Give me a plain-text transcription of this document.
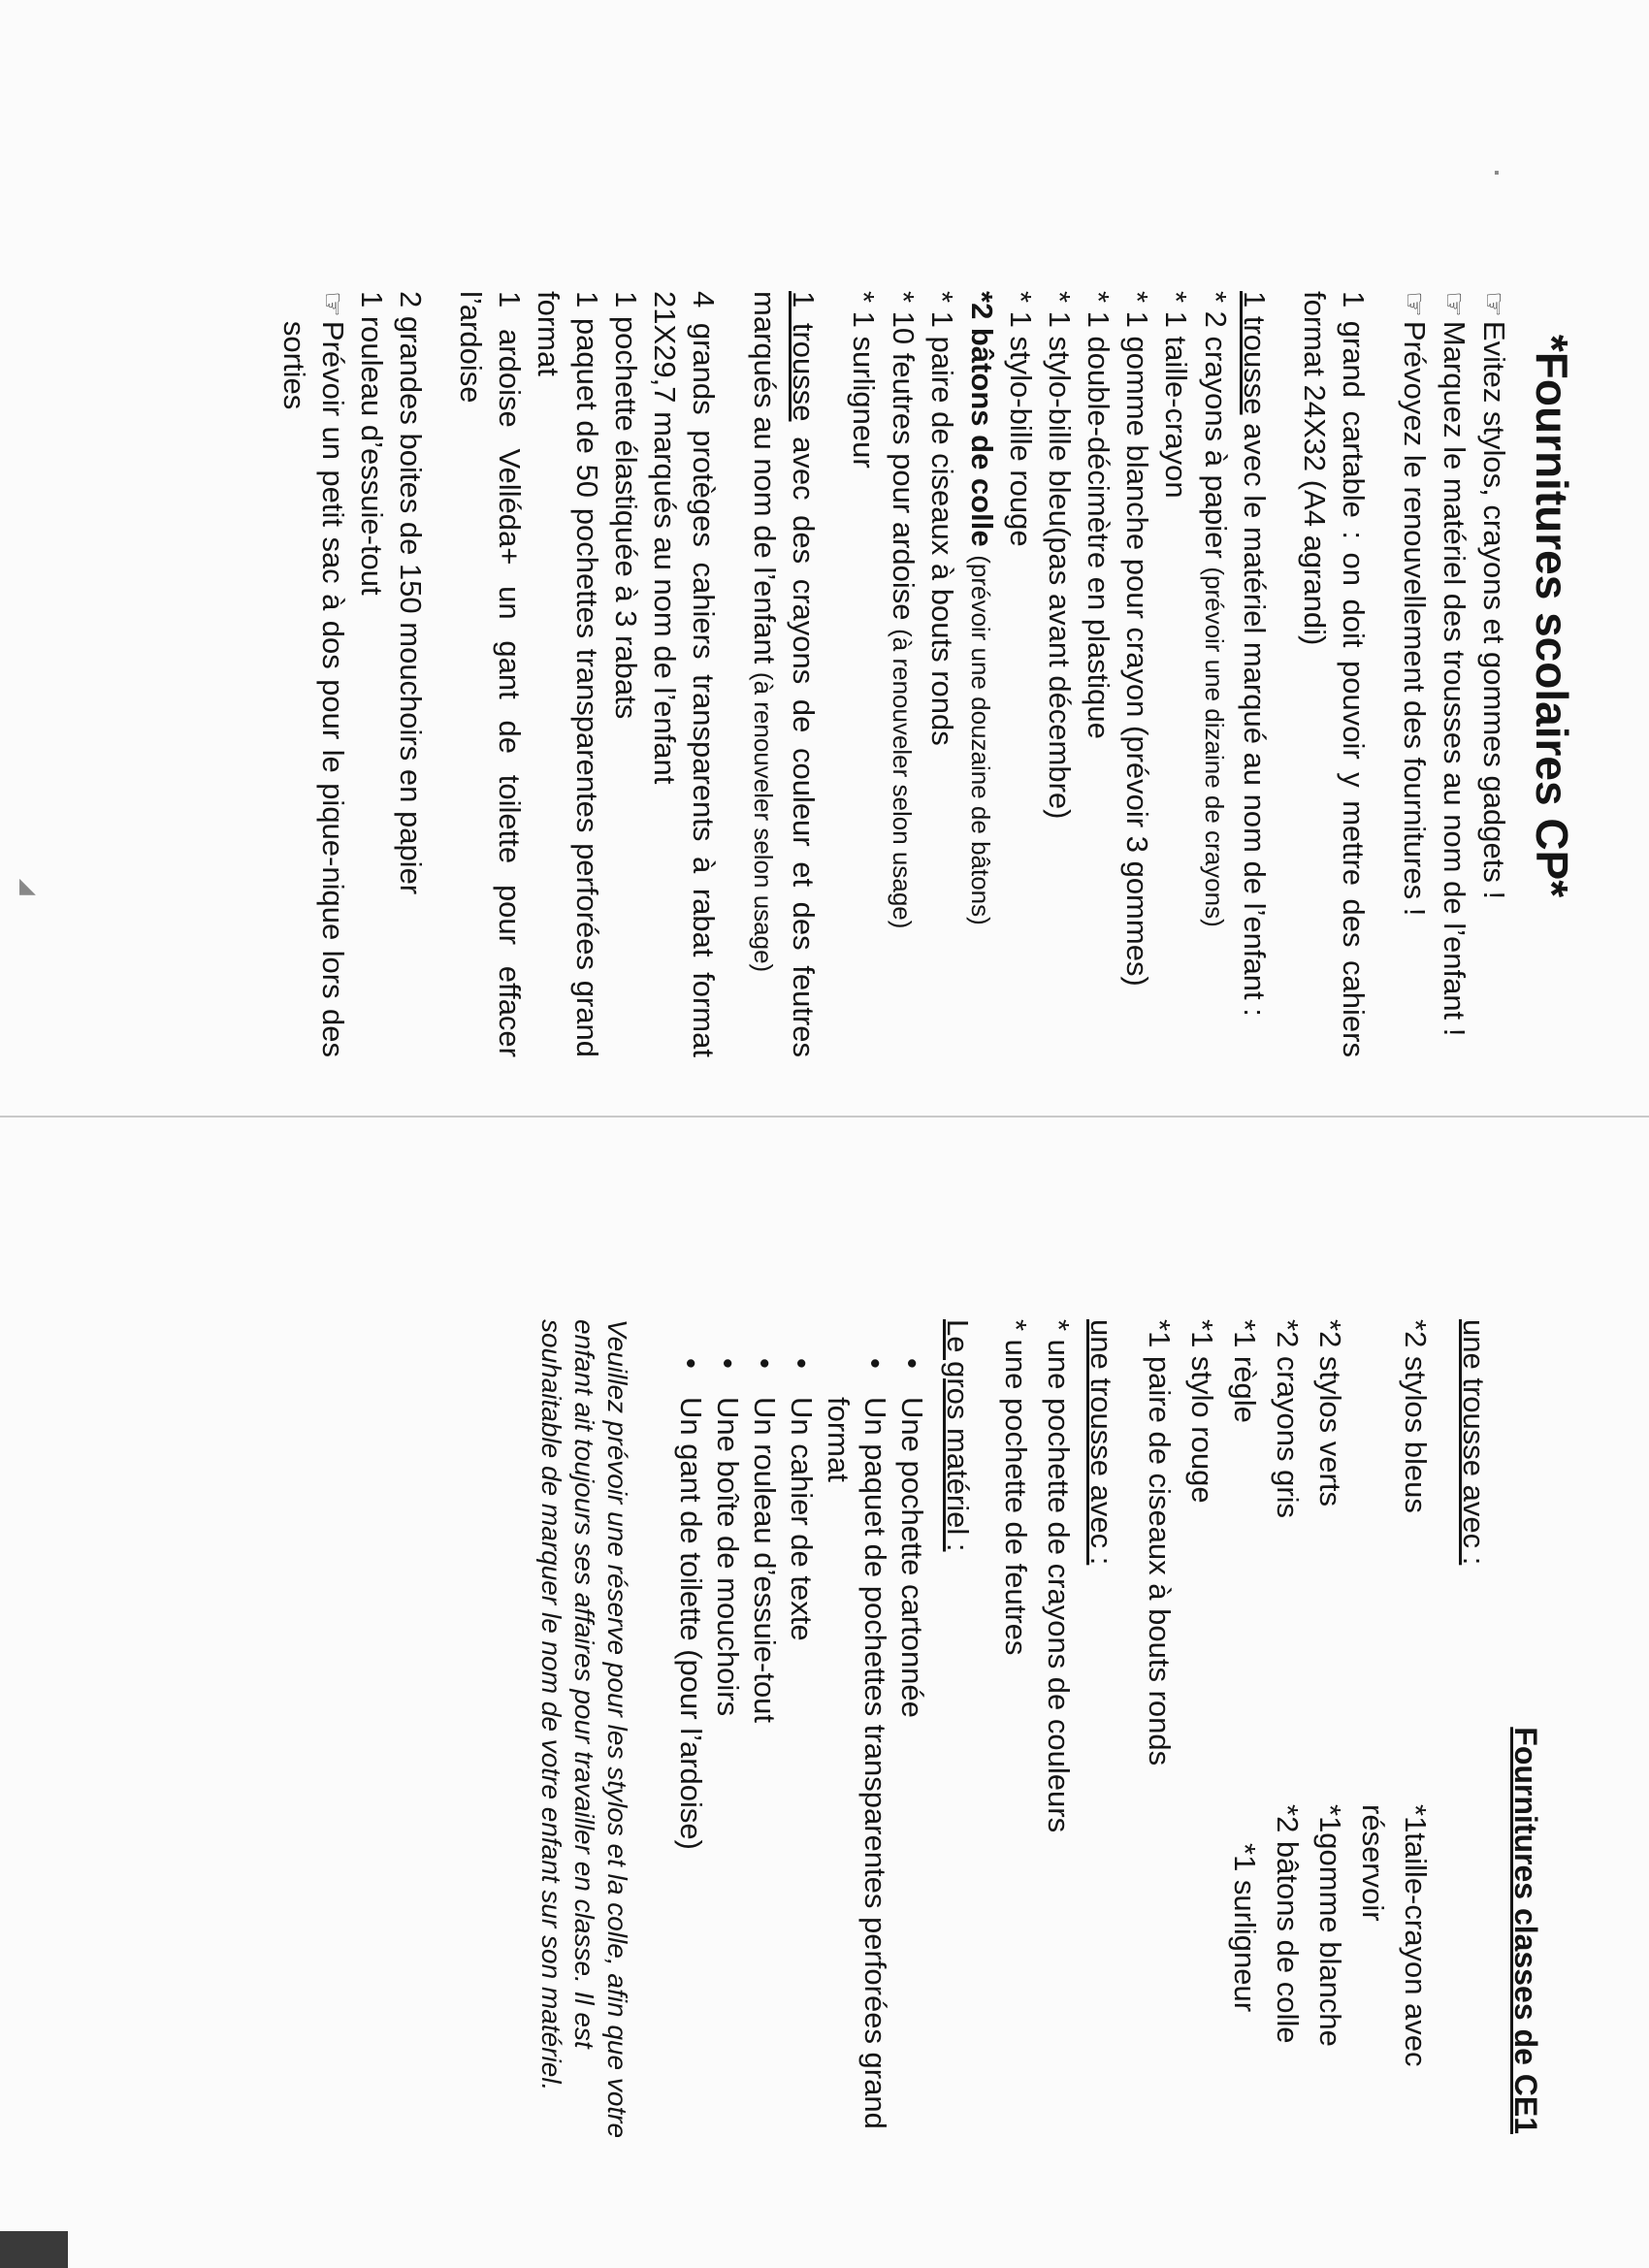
◣
▪
*Fournitures scolaires CP*
☞
Evitez stylos, crayons et gommes gadgets !
☞
Marquez le matériel des trousses au nom de l’enfant !
☞
Prévoyez le renouvellement des fournitures !
1 grand cartable : on doit pouvoir y mettre des cahiers format 24X32 (A4 agrandi)
1 trousse avec le matériel marqué au nom de l’enfant :
* 2 crayons à papier (prévoir une dizaine de crayons)
* 1 taille-crayon
* 1 gomme blanche pour crayon (prévoir 3 gommes)
* 1 double-décimètre en plastique
* 1 stylo-bille bleu(pas avant décembre)
* 1 stylo-bille rouge
*2 bâtons de colle (prévoir une douzaine de bâtons)
* 1 paire de ciseaux à bouts ronds
* 10 feutres pour ardoise (à renouveler selon usage)
* 1 surligneur
1 trousse avec des crayons de couleur et des feutres marqués au nom de l’enfant (à renouveler selon usage)
4 grands protèges cahiers transparents à rabat format 21X29,7 marqués au nom de l’enfant
1 pochette élastiquée à 3 rabats
1 paquet de 50 pochettes transparentes perforées grand format
1 ardoise Velléda+ un gant de toilette pour effacer l’ardoise
2 grandes boites de 150 mouchoirs en papier
1 rouleau d’essuie-tout
☞
Prévoir un petit sac à dos pour le pique-nique lors des sorties
Fournitures classes de CE1
une trousse avec :
*2 stylos bleus
*1taille-crayon avec réservoir
*2 stylos verts
*1gomme blanche
*2 crayons gris
*2 bâtons de colle
*1 règle
*1 surligneur
*1 stylo rouge
*1 paire de ciseaux à bouts ronds
une trousse avec :
* une pochette de crayons de couleurs
* une pochette de feutres
Le gros matériel :
• Une pochette cartonnée
• Un paquet de pochettes transparentes perforées grand format
• Un cahier de texte
• Un rouleau d’essuie-tout
• Une boîte de mouchoirs
• Un gant de toilette (pour l’ardoise)
Veuillez prévoir une réserve pour les stylos et la colle, afin que votre enfant ait toujours ses affaires pour travailler en classe. Il est souhaitable de marquer le nom de votre enfant sur son matériel.
